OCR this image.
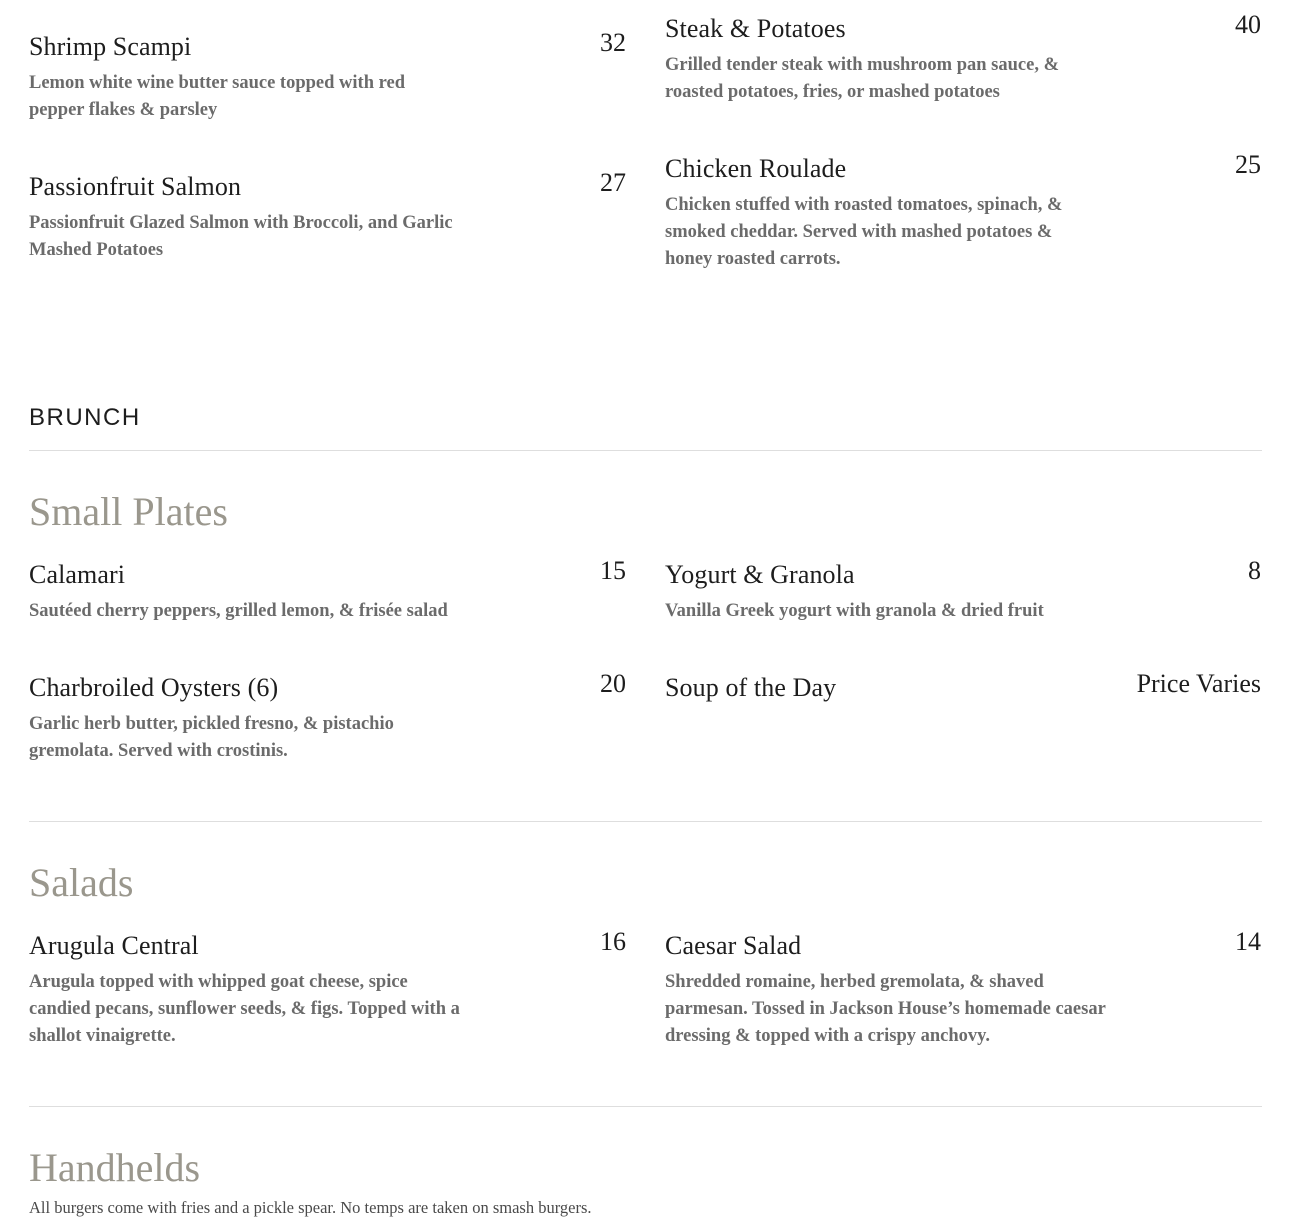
Shrimp Scampi	32

Lemon white wine butter sauce topped with red pepper flakes & parsley

Steak & Potatoes	40

Grilled tender steak with mushroom pan sauce, & roasted potatoes, fries, or mashed potatoes

Passionfruit Salmon	27

Passionfruit Glazed Salmon with Broccoli, and Garlic Mashed Potatoes

Chicken Roulade	25

Chicken stuffed with roasted tomatoes, spinach, & smoked cheddar. Served with mashed potatoes & honey roasted carrots.

BRUNCH
Small Plates
Calamari	15

Sautéed cherry peppers, grilled lemon, & frisée salad

Yogurt & Granola	8

Vanilla Greek yogurt with granola & dried fruit

Charbroiled Oysters (6)	20

Garlic herb butter, pickled fresno, & pistachio gremolata. Served with crostinis.

Soup of the Day	Price Varies

Salads
Arugula Central	16

Arugula topped with whipped goat cheese, spice candied pecans, sunflower seeds, & figs. Topped with a shallot vinaigrette.

Caesar Salad	14

Shredded romaine, herbed gremolata, & shaved parmesan. Tossed in Jackson House’s homemade caesar dressing & topped with a crispy anchovy.

Handhelds
All burgers come with fries and a pickle spear. No temps are taken on smash burgers.
